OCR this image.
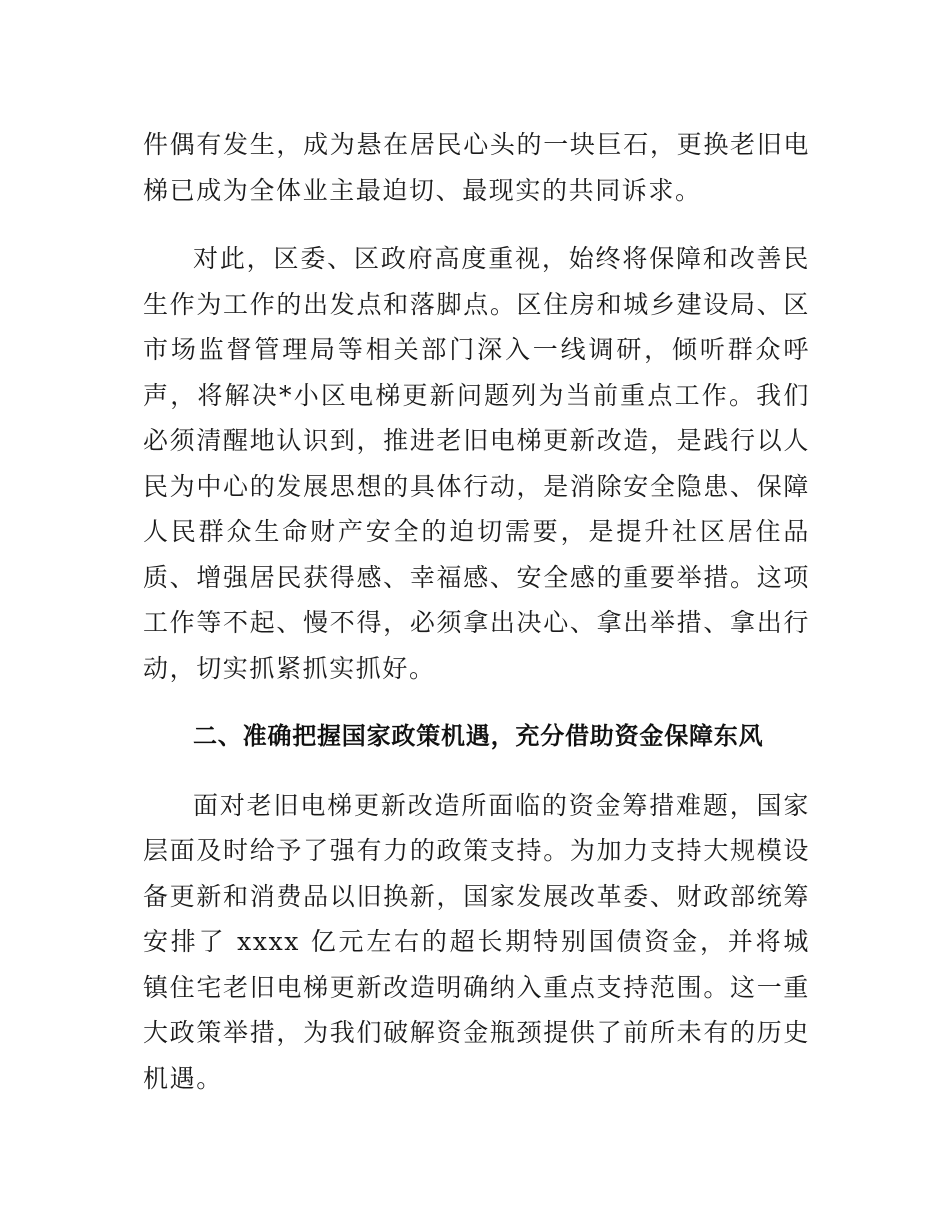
件偶有发生，成为悬在居民心头的一块巨石，更换老旧电梯已成为全体业主最迫切、最现实的共同诉求。

对此，区委、区政府高度重视，始终将保障和改善民生作为工作的出发点和落脚点。区住房和城乡建设局、区市场监督管理局等相关部门深入一线调研，倾听群众呼声，将解决*小区电梯更新问题列为当前重点工作。我们必须清醒地认识到，推进老旧电梯更新改造，是践行以人民为中心的发展思想的具体行动，是消除安全隐患、保障人民群众生命财产安全的迫切需要，是提升社区居住品质、增强居民获得感、幸福感、安全感的重要举措。这项工作等不起、慢不得，必须拿出决心、拿出举措、拿出行动，切实抓紧抓实抓好。

二、准确把握国家政策机遇，充分借助资金保障东风

面对老旧电梯更新改造所面临的资金筹措难题，国家层面及时给予了强有力的政策支持。为加力支持大规模设备更新和消费品以旧换新，国家发展改革委、财政部统筹安排了 xxxx 亿元左右的超长期特别国债资金，并将城镇住宅老旧电梯更新改造明确纳入重点支持范围。这一重大政策举措，为我们破解资金瓶颈提供了前所未有的历史机遇。
